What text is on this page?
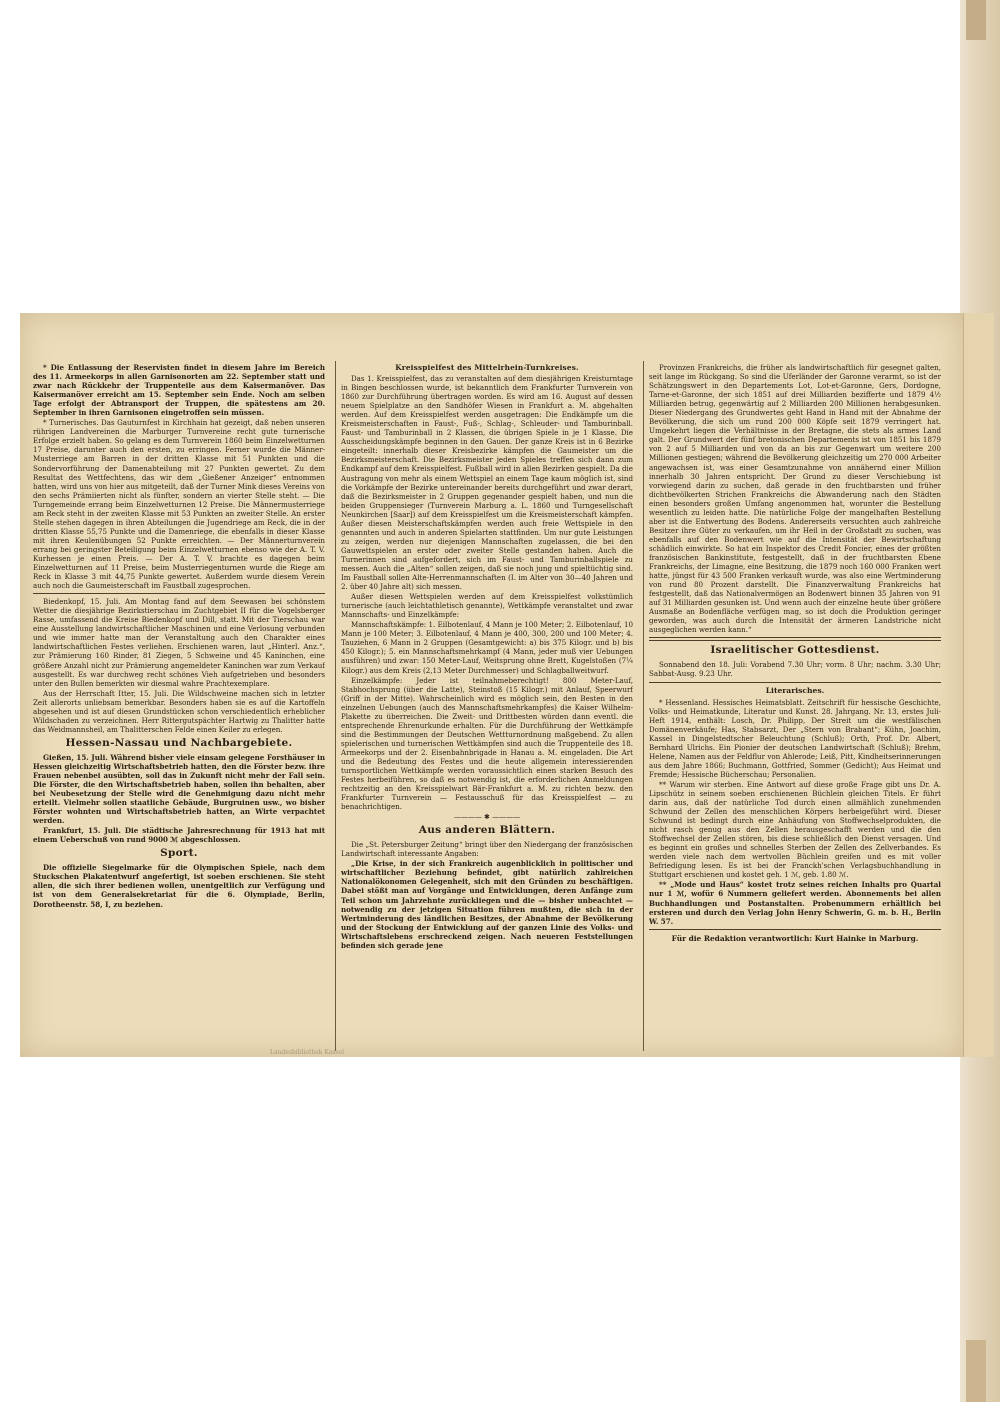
* Die Entlassung der Reservisten findet in diesem Jahre im Bereich des 11. Armeekorps in allen Garnisonorten am 22. September statt und zwar nach Rückkehr der Truppenteile aus dem Kaisermanöver. Das Kaisermanöver erreicht am 15. September sein Ende. Noch am selben Tage erfolgt der Abtransport der Truppen, die spätestens am 20. September in ihren Garnisonen eingetroffen sein müssen.

* Turnerisches. Das Gauturnfest in Kirchhain hat gezeigt, daß neben unseren rührigen Landvereinen die Marburger Turnvereine recht gute turnerische Erfolge erzielt haben. So gelang es dem Turnverein 1860 beim Einzelwetturnen 17 Preise, darunter auch den ersten, zu erringen. Ferner wurde die Männer-Musterriege am Barren in der dritten Klasse mit 51 Punkten und die Sondervorführung der Damenabteilung mit 27 Punkten gewertet. Zu dem Resultat des Wettfechtens, das wir dem „Gießener Anzeiger“ entnommen hatten, wird uns von hier aus mitgeteilt, daß der Turner Mink dieses Vereins von den sechs Prämiierten nicht als fünfter, sondern an vierter Stelle steht. — Die Turngemeinde errang beim Einzelwetturnen 12 Preise. Die Männermusterriege am Reck steht in der zweiten Klasse mit 53 Punkten an zweiter Stelle. An erster Stelle stehen dagegen in ihren Abteilungen die Jugendriege am Reck, die in der dritten Klasse 55,75 Punkte und die Damenriege, die ebenfalls in dieser Klasse mit ihren Keulenübungen 52 Punkte erreichten. — Der Männerturnverein errang bei geringster Beteiligung beim Einzelwetturnen ebenso wie der A. T. V. Kurhessen je einen Preis. — Der A. T. V. brachte es dagegen beim Einzelwetturnen auf 11 Preise, beim Musterriegenturnen wurde die Riege am Reck in Klasse 3 mit 44,75 Punkte gewertet. Außerdem wurde diesem Verein auch noch die Gaumeisterschaft im Faustball zugesprochen.

Biedenkopf, 15. Juli. Am Montag fand auf dem Seewasen bei schönstem Wetter die diesjährige Bezirkstierschau im Zuchtgebiet II für die Vogelsberger Rasse, umfassend die Kreise Biedenkopf und Dill, statt. Mit der Tierschau war eine Ausstellung landwirtschaftlicher Maschinen und eine Verlosung verbunden und wie immer hatte man der Veranstaltung auch den Charakter eines landwirtschaftlichen Festes verliehen. Erschienen waren, laut „Hinterl. Anz.“, zur Prämierung 160 Rinder, 81 Ziegen, 5 Schweine und 45 Kaninchen, eine größere Anzahl nicht zur Prämierung angemeldeter Kaninchen war zum Verkauf ausgestellt. Es war durchweg recht schönes Vieh aufgetrieben und besonders unter den Bullen bemerkten wir diesmal wahre Prachtexemplare.

Aus der Herrschaft Itter, 15. Juli. Die Wildschweine machen sich in letzter Zeit allerorts unliebsam bemerkbar. Besonders haben sie es auf die Kartoffeln abgesehen und ist auf diesen Grundstücken schon verschiedentlich erheblicher Wildschaden zu verzeichnen. Herr Rittergutspächter Hartwig zu Thalitter hatte das Weidmannsheil, am Thalitterschen Felde einen Keiler zu erlegen.

Hessen-Nassau und Nachbargebiete.

Gießen, 15. Juli. Während bisher viele einsam gelegene Forsthäuser in Hessen gleichzeitig Wirtschaftsbetrieb hatten, den die Förster bezw. ihre Frauen nebenbei ausübten, soll das in Zukunft nicht mehr der Fall sein. Die Förster, die den Wirtschaftsbetrieb haben, sollen ihn behalten, aber bei Neubesetzung der Stelle wird die Genehmigung dazu nicht mehr erteilt. Vielmehr sollen staatliche Gebäude, Burgruinen usw., wo bisher Förster wohnten und Wirtschaftsbetrieb hatten, an Wirte verpachtet werden.

Frankfurt, 15. Juli. Die städtische Jahresrechnung für 1913 hat mit einem Ueberschuß von rund 9000 ℳ abgeschlossen.

Sport.

Die offizielle Siegelmarke für die Olympischen Spiele, nach dem Stuckschen Plakatentwurf angefertigt, ist soeben erschienen. Sie steht allen, die sich ihrer bedienen wollen, unentgeltlich zur Verfügung und ist von dem Generalsekretariat für die 6. Olympiade, Berlin, Dorotheenstr. 58, I, zu beziehen.

Kreisspielfest des Mittelrhein-Turnkreises.

Das 1. Kreisspielfest, das zu veranstalten auf dem diesjährigen Kreisturntage in Bingen beschlossen wurde, ist bekanntlich dem Frankfurter Turnverein von 1860 zur Durchführung übertragen worden. Es wird am 16. August auf dessen neuem Spielplatze an den Sandhöfer Wiesen in Frankfurt a. M. abgehalten werden. Auf dem Kreisspielfest werden ausgetragen: Die Endkämpfe um die Kreismeisterschaften in Faust-, Fuß-, Schlag-, Schleuder- und Tamburinball. Faust- und Tamburinball in 2 Klassen, die übrigen Spiele in je 1 Klasse. Die Ausscheidungskämpfe beginnen in den Gauen. Der ganze Kreis ist in 6 Bezirke eingeteilt: innerhalb dieser Kreisbezirke kämpfen die Gaumeister um die Bezirksmeisterschaft. Die Bezirksmeister jeden Spieles treffen sich dann zum Endkampf auf dem Kreisspielfest. Fußball wird in allen Bezirken gespielt. Da die Austragung von mehr als einem Wettspiel an einem Tage kaum möglich ist, sind die Vorkämpfe der Bezirke untereinander bereits durchgeführt und zwar derart, daß die Bezirksmeister in 2 Gruppen gegenander gespielt haben, und nun die beiden Gruppensieger (Turnverein Marburg a. L. 1860 und Turngesellschaft Neunkirchen [Saar]) auf dem Kreisspielfest um die Kreismeisterschaft kämpfen. Außer diesen Meisterschaftskämpfen werden auch freie Wettspiele in den genannten und auch in anderen Spielarten stattfinden. Um nur gute Leistungen zu zeigen, werden nur diejenigen Mannschaften zugelassen, die bei den Gauwettspielen an erster oder zweiter Stelle gestanden haben. Auch die Turnerinnen sind aufgefordert, sich im Faust- und Tamburinballspiele zu messen. Auch die „Alten“ sollen zeigen, daß sie noch jung und spieltüchtig sind. Im Faustball sollen Alte-Herrenmannschaften (I. im Alter von 30—40 Jahren und 2. über 40 Jahre alt) sich messen.

Außer diesen Wettspielen werden auf dem Kreisspielfest volkstümlich turnerische (auch leichtathletisch genannte), Wettkämpfe veranstaltet und zwar Mannschafts- und Einzelkämpfe:

Mannschaftskämpfe: 1. Eilbotenlauf, 4 Mann je 100 Meter; 2. Eilbotenlauf, 10 Mann je 100 Meter; 3. Eilbotenlauf, 4 Mann je 400, 300, 200 und 100 Meter; 4. Tauziehen, 6 Mann in 2 Gruppen (Gesamtgewicht: a) bis 375 Kilogr. und b) bis 450 Kilogr.); 5. ein Mannschaftsmehrkampf (4 Mann, jeder muß vier Uebungen ausführen) und zwar: 150 Meter-Lauf, Weitsprung ohne Brett, Kugelstoßen (7¼ Kilogr.) aus dem Kreis (2,13 Meter Durchmesser) und Schlagballweitwurf.

Einzelkämpfe: Jeder ist teilnahmeberechtigt! 800 Meter-Lauf, Stabhochsprung (über die Latte), Steinstoß (15 Kilogr.) mit Anlauf, Speerwurf (Griff in der Mitte). Wahrscheinlich wird es möglich sein, den Besten in den einzelnen Uebungen (auch des Mannschaftsmehrkampfes) die Kaiser Wilhelm-Plakette zu überreichen. Die Zweit- und Drittbesten würden dann eventl. die entsprechende Ehrenurkunde erhalten. Für die Durchführung der Wettkämpfe sind die Bestimmungen der Deutschen Wettturnordnung maßgebend. Zu allen spielerischen und turnerischen Wettkämpfen sind auch die Truppenteile des 18. Armeekorps und der 2. Eisenbahnbrigade in Hanau a. M. eingeladen. Die Art und die Bedeutung des Festes und die heute allgemein interessierenden turnsportlichen Wettkämpfe werden voraussichtlich einen starken Besuch des Festes herbeiführen, so daß es notwendig ist, die erforderlichen Anmeldungen rechtzeitig an den Kreisspielwart Bär-Frankfurt a. M. zu richten bezw. den Frankfurter Turnverein — Festausschuß für das Kreisspielfest — zu benachrichtigen.

———— ✱ ————
Aus anderen Blättern.

Die „St. Petersburger Zeitung“ bringt über den Niedergang der französischen Landwirtschaft interessante Angaben:

„Die Krise, in der sich Frankreich augenblicklich in politischer und wirtschaftlicher Beziehung befindet, gibt natürlich zahlreichen Nationalökonomen Gelegenheit, sich mit den Gründen zu beschäftigen. Dabei stößt man auf Vorgänge und Entwicklungen, deren Anfänge zum Teil schon um Jahrzehnte zurückliegen und die — bisher unbeachtet — notwendig zu der jetzigen Situation führen mußten, die sich in der Wertminderung des ländlichen Besitzes, der Abnahme der Bevölkerung und der Stockung der Entwicklung auf der ganzen Linie des Volks- und Wirtschaftslebens erschreckend zeigen. Nach neueren Feststellungen befinden sich gerade jene

Provinzen Frankreichs, die früher als landwirtschaftlich für gesegnet galten, seit lange im Rückgang. So sind die Uferländer der Garonne verarmt, so ist der Schätzungswert in den Departements Lot, Lot-et-Garonne, Gers, Dordogne, Tarne-et-Garonne, der sich 1851 auf drei Milliarden bezifferte und 1879 4½ Milliarden betrug, gegenwärtig auf 2 Milliarden 200 Millionen herabgesunken. Dieser Niedergang des Grundwertes geht Hand in Hand mit der Abnahme der Bevölkerung, die sich um rund 200 000 Köpfe seit 1879 verringert hat. Umgekehrt liegen die Verhältnisse in der Bretagne, die stets als armes Land galt. Der Grundwert der fünf bretonischen Departements ist von 1851 bis 1879 von 2 auf 5 Milliarden und von da an bis zur Gegenwart um weitere 200 Millionen gestiegen; während die Bevölkerung gleichzeitig um 270 000 Arbeiter angewachsen ist, was einer Gesamtzunahme von annähernd einer Million innerhalb 30 Jahren entspricht. Der Grund zu dieser Verschiebung ist vorwiegend darin zu suchen, daß gerade in den fruchtbarsten und früher dichtbevölkerten Strichen Frankreichs die Abwanderung nach den Städten einen besonders großen Umfang angenommen hat, worunter die Bestellung wesentlich zu leiden hatte. Die natürliche Folge der mangelhaften Bestellung aber ist die Entwertung des Bodens. Andererseits versuchten auch zahlreiche Besitzer ihre Güter zu verkaufen, um ihr Heil in der Großstadt zu suchen, was ebenfalls auf den Bodenwert wie auf die Intensität der Bewirtschaftung schädlich einwirkte. So hat ein Inspektor des Credit Foncier, eines der größten französischen Bankinstitute, festgestellt, daß in der fruchtbarsten Ebene Frankreichs, der Limagne, eine Besitzung, die 1879 noch 160 000 Franken wert hatte, jüngst für 43 500 Franken verkauft wurde, was also eine Wertminderung von rund 80 Prozent darstellt. Die Finanzverwaltung Frankreichs hat festgestellt, daß das Nationalvermögen an Bodenwert binnen 35 Jahren von 91 auf 31 Milliarden gesunken ist. Und wenn auch der einzelne heute über größere Ausmaße an Bodenfläche verfügen mag, so ist doch die Produktion geringer geworden, was auch durch die Intensität der ärmeren Landstriche nicht ausgeglichen werden kann.“

Israelitischer Gottesdienst.

Sonnabend den 18. Juli: Vorabend 7.30 Uhr; vorm. 8 Uhr; nachm. 3.30 Uhr; Sabbat-Ausg. 9.23 Uhr.

Literarisches.

* Hessenland. Hessisches Heimatsblatt. Zeitschrift für hessische Geschichte, Volks- und Heimatkunde, Literatur und Kunst. 28. Jahrgang. Nr. 13, erstes Juli-Heft 1914, enthält: Losch, Dr. Philipp, Der Streit um die westfälischen Domänenverkäufe; Has, Stabsarzt, Der „Stern von Brabant“; Kühn, Joachim, Kassel in Dingelstedtscher Beleuchtung (Schluß); Orth, Prof. Dr. Albert, Bernhard Ulrichs. Ein Pionier der deutschen Landwirtschaft (Schluß); Brehm, Helene, Namen aus der Feldflur von Ahlerode; Leiß, Pitt, Kindheitserinnerungen aus dem Jahre 1866; Buchmann, Gottfried, Sommer (Gedicht); Aus Heimat und Fremde; Hessische Bücherschau; Personalien.

** Warum wir sterben. Eine Antwort auf diese große Frage gibt uns Dr. A. Lipschütz in seinem soeben erschienenen Büchlein gleichen Titels. Er führt darin aus, daß der natürliche Tod durch einen allmählich zunehmenden Schwund der Zellen des menschlichen Körpers herbeigeführt wird. Dieser Schwund ist bedingt durch eine Anhäufung von Stoffwechselprodukten, die nicht rasch genug aus den Zellen herausgeschafft werden und die den Stoffwechsel der Zellen stören, bis diese schließlich den Dienst versagen. Und es beginnt ein großes und schnelles Sterben der Zellen des Zellverbandes. Es werden viele nach dem wertvollen Büchlein greifen und es mit voller Befriedigung lesen. Es ist bei der Franckh'schen Verlagsbuchhandlung in Stuttgart erschienen und kostet geh. 1 ℳ, geb. 1.80 ℳ.

** „Mode und Haus“ kostet trotz seines reichen Inhalts pro Quartal nur 1 ℳ, wofür 6 Nummern geliefert werden. Abonnements bei allen Buchhandlungen und Postanstalten. Probenummern erhältlich bei ersteren und durch den Verlag John Henry Schwerin, G. m. b. H., Berlin W. 57.

Für die Redaktion verantwortlich: Kurt Hainke in Marburg.
Landesbibliothek Kassel
